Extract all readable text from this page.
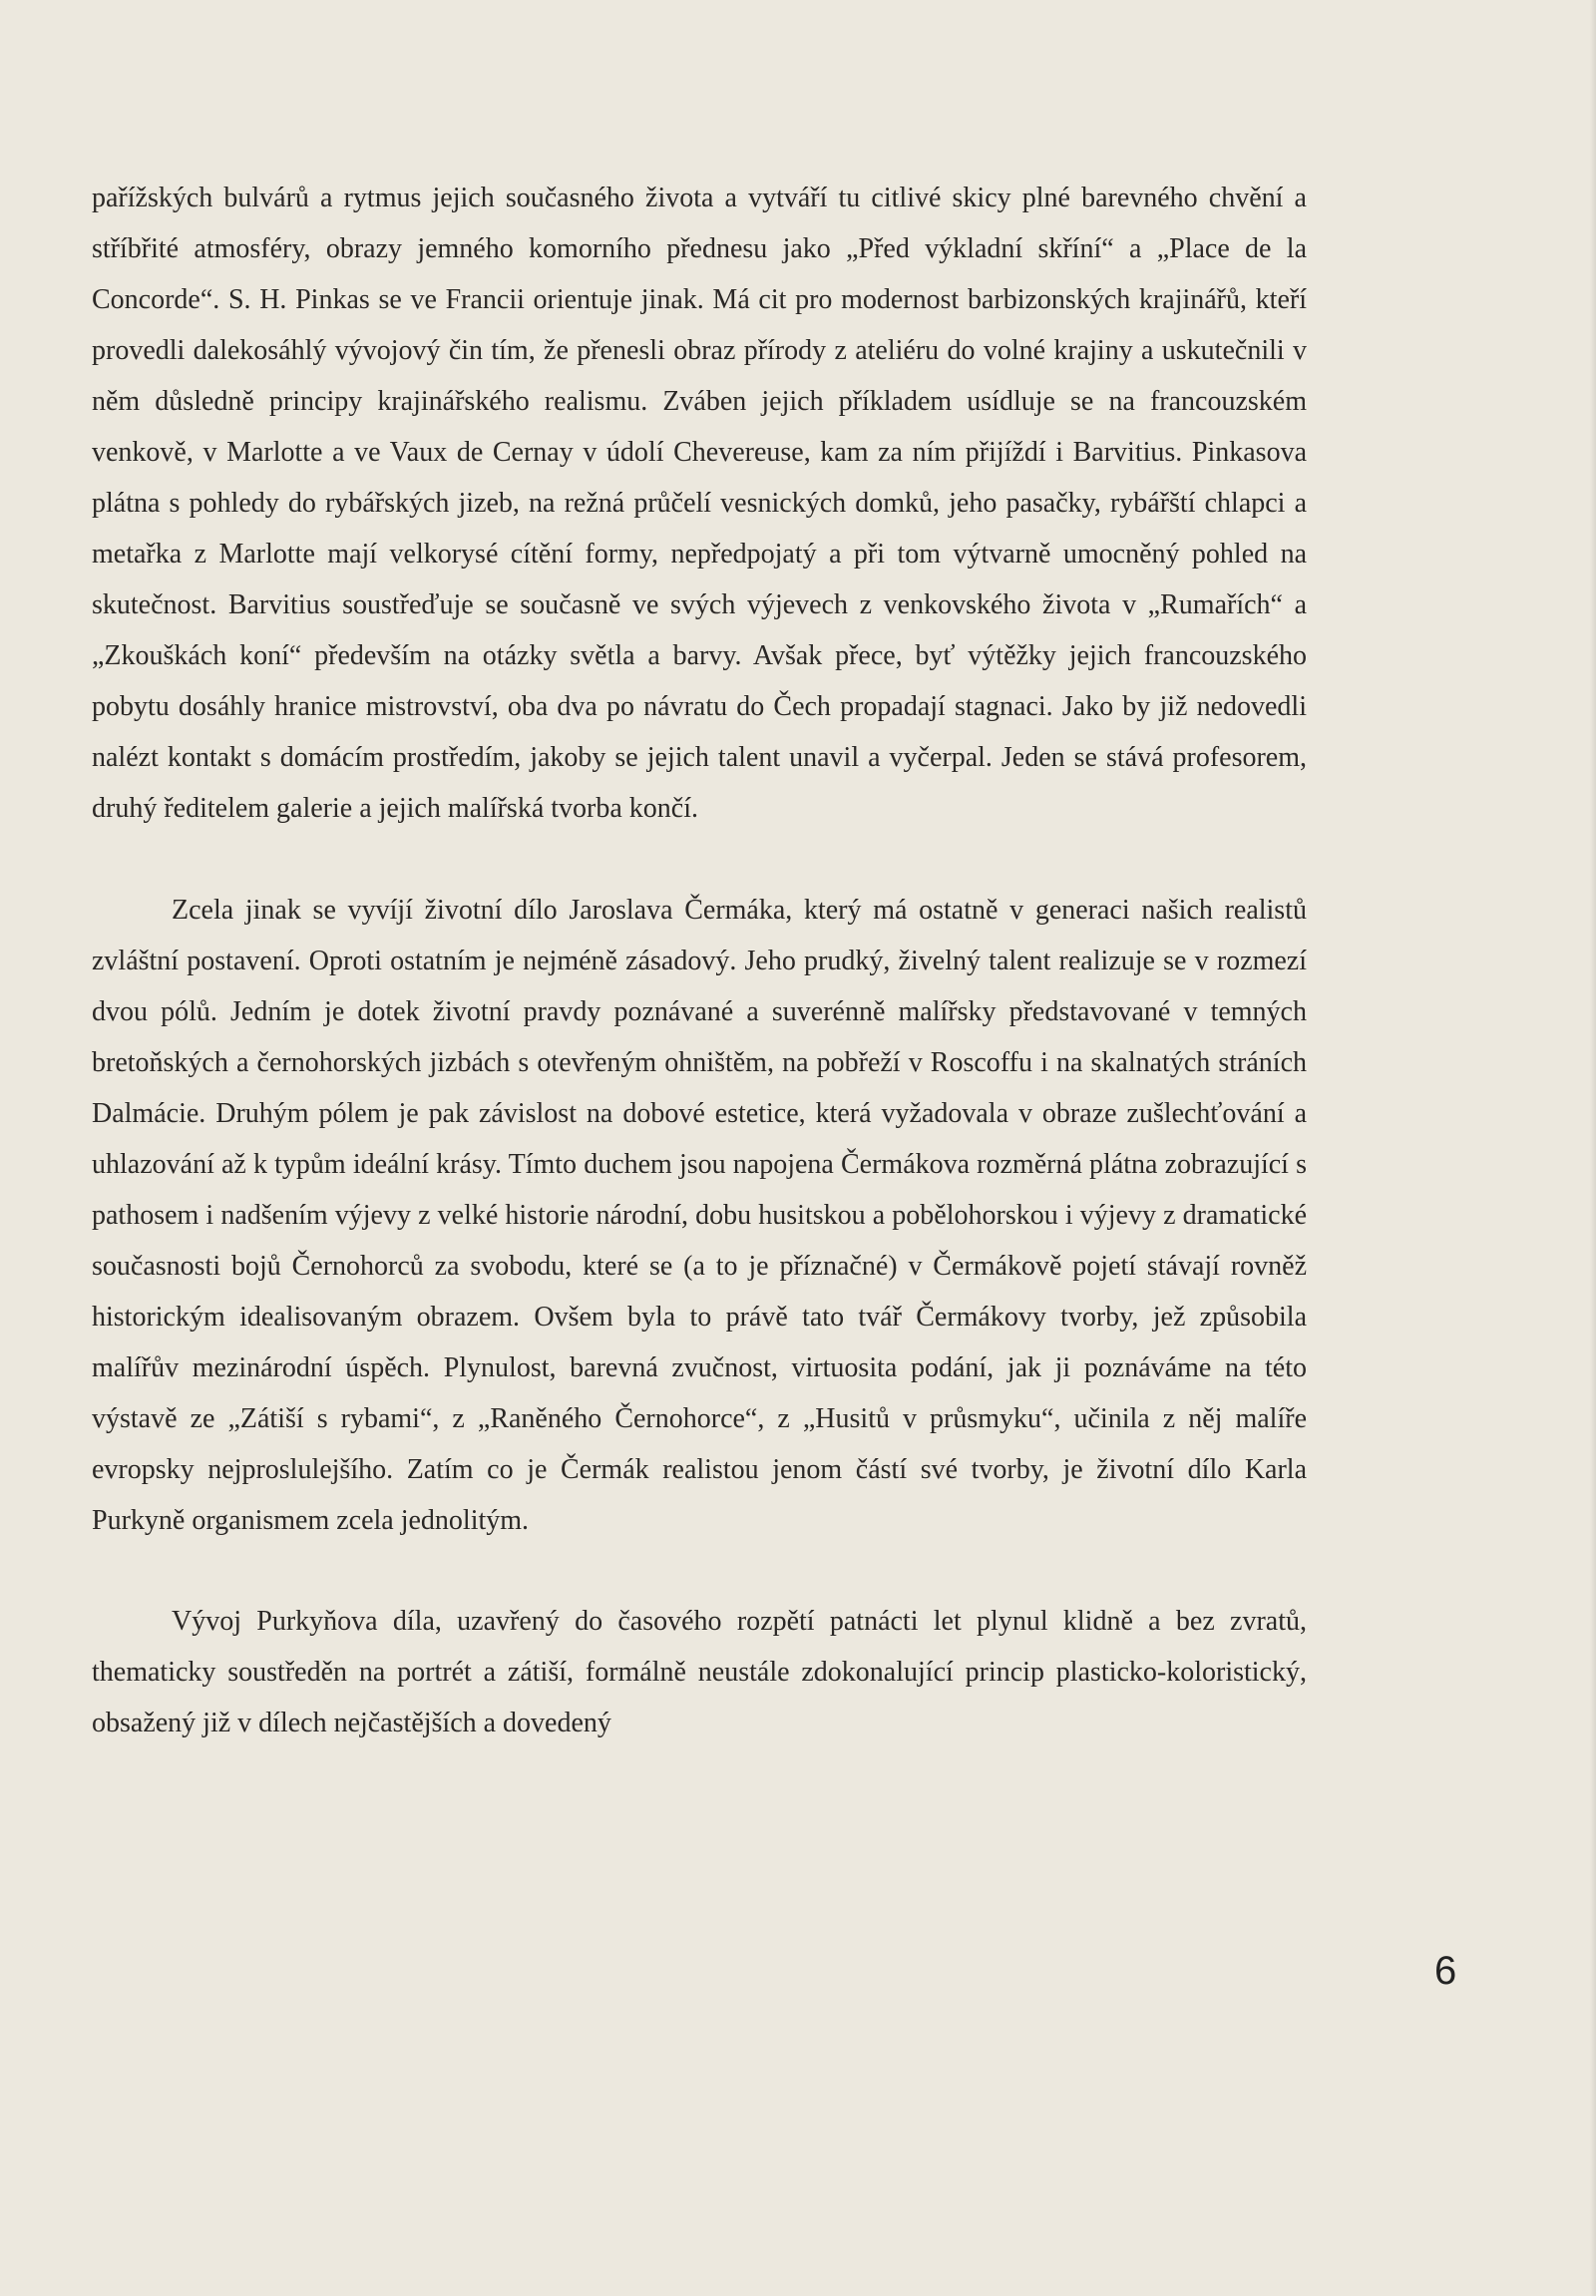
pařížských bulvárů a rytmus jejich současného života a vytváří tu citlivé skicy plné barevného chvění a stříbřité atmosféry, obrazy jemného komorního přednesu jako „Před výkladní skříní“ a „Place de la Concorde“. S. H. Pinkas se ve Francii orientuje jinak. Má cit pro modernost barbizonských krajinářů, kteří provedli dalekosáhlý vývojový čin tím, že přenesli obraz přírody z ateliéru do volné krajiny a uskutečnili v něm důsledně principy krajinářského realismu. Zváben jejich příkladem usídluje se na francouzském venkově, v Marlotte a ve Vaux de Cernay v údolí Chevereuse, kam za ním přijíždí i Barvitius. Pinkasova plátna s pohledy do rybářských jizeb, na režná průčelí vesnických domků, jeho pasačky, rybářští chlapci a metařka z Marlotte mají velkorysé cítění formy, nepředpojatý a při tom výtvarně umocněný pohled na skutečnost. Barvitius soustřeďuje se současně ve svých výjevech z venkovského života v „Rumařích“ a „Zkouškách koní“ především na otázky světla a barvy. Avšak přece, byť výtěžky jejich francouzského pobytu dosáhly hranice mistrovství, oba dva po návratu do Čech propadají stagnaci. Jako by již nedovedli nalézt kontakt s domácím prostředím, jakoby se jejich talent unavil a vyčerpal. Jeden se stává profesorem, druhý ředitelem galerie a jejich malířská tvorba končí.

Zcela jinak se vyvíjí životní dílo Jaroslava Čermáka, který má ostatně v generaci našich realistů zvláštní postavení. Oproti ostatním je nejméně zásadový. Jeho prudký, živelný talent realizuje se v rozmezí dvou pólů. Jedním je dotek životní pravdy poznávané a suverénně malířsky představované v temných bretoňských a černohorských jizbách s otevřeným ohništěm, na pobřeží v Roscoffu i na skalnatých stráních Dalmácie. Druhým pólem je pak závislost na dobové estetice, která vyžadovala v obraze zušlechťování a uhlazování až k typům ideální krásy. Tímto duchem jsou napojena Čermákova rozměrná plátna zobrazující s pathosem i nadšením výjevy z velké historie národní, dobu husitskou a pobělohorskou i výjevy z dramatické současnosti bojů Černohorců za svobodu, které se (a to je příznačné) v Čermákově pojetí stávají rovněž historickým idealisovaným obrazem. Ovšem byla to právě tato tvář Čermákovy tvorby, jež způsobila malířův mezinárodní úspěch. Plynulost, barevná zvučnost, virtuosita podání, jak ji poznáváme na této výstavě ze „Zátiší s rybami“, z „Raněného Černohorce“, z „Husitů v průsmyku“, učinila z něj malíře evropsky nejproslulejšího. Zatím co je Čermák realistou jenom částí své tvorby, je životní dílo Karla Purkyně organismem zcela jednolitým.

Vývoj Purkyňova díla, uzavřený do časového rozpětí patnácti let plynul klidně a bez zvratů, thematicky soustředěn na portrét a zátiší, formálně neustále zdokonalující princip plasticko-koloristický, obsažený již v dílech nejčastějších a dovedený

6
